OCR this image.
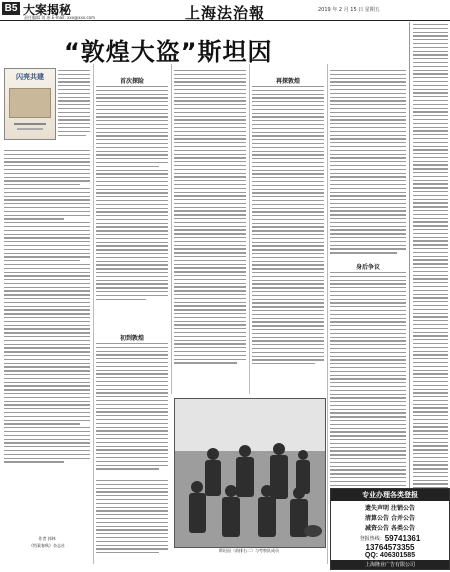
B5 大案揭秘
责任编辑 刘 冰 E-mail: xxx@xxx.com	上海法治報	2019 年 2 月 15 日 星期五
“敦煌大盗”斯坦因
闪亮共建
作者 郭林
《档案春秋》杂志社
首次探险
初到敦煌
再探敦煌
身后争议
斯坦因（前排右二）与考察队成员
专业办理各类登报
遗失声明 注销公告
清算公告 合并公告
减资公告 各类公告
登报热线： 59741361
13764573355
QQ: 406301585
上海隆业广告有限公司
